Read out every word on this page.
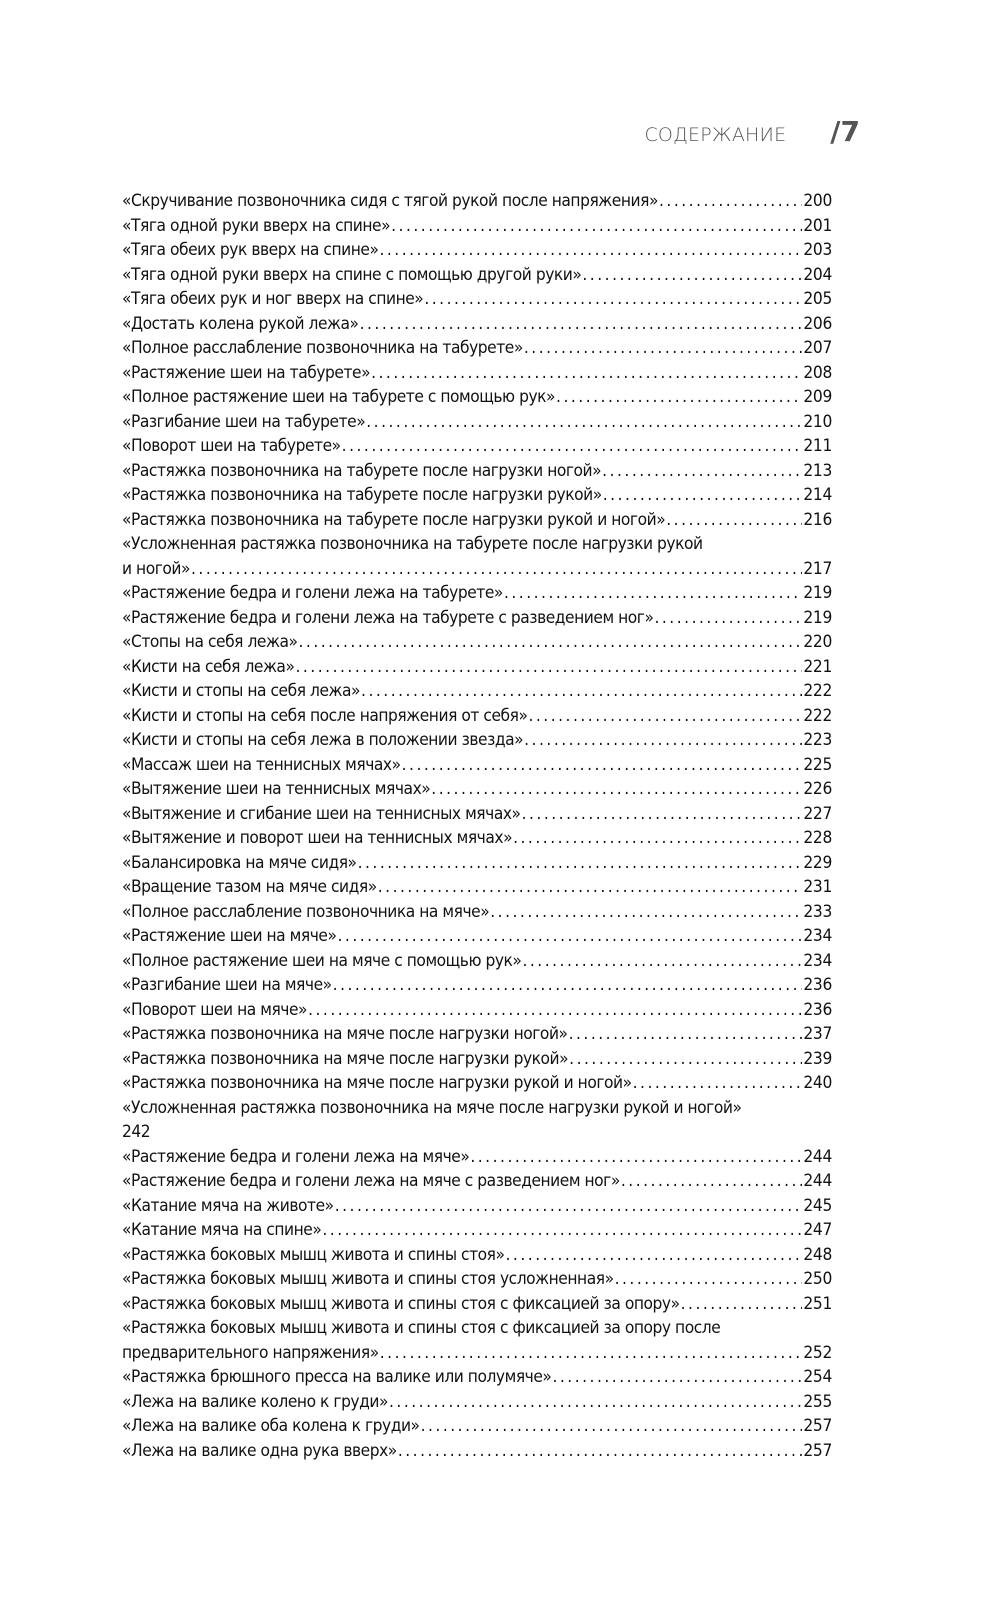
СОДЕРЖАНИЕ /7
«Скручивание позвоночника сидя с тягой рукой после напряжения» . . .	200
«Тяга одной руки вверх на спине» . . .	201
«Тяга обеих рук вверх на спине» . . .	203
«Тяга одной руки вверх на спине с помощью другой руки» . . .	204
«Тяга обеих рук и ног вверх на спине» . . .	205
«Достать колена рукой лежа» . . .	206
«Полное расслабление позвоночника на табурете» . . .	207
«Растяжение шеи на табурете» . . .	208
«Полное растяжение шеи на табурете с помощью рук» . . .	209
«Разгибание шеи на табурете» . . .	210
«Поворот шеи на табурете» . . .	211
«Растяжка позвоночника на табурете после нагрузки ногой» . . .	213
«Растяжка позвоночника на табурете после нагрузки рукой» . . .	214
«Растяжка позвоночника на табурете после нагрузки рукой и ногой» . . .	216
«Усложненная растяжка позвоночника на табурете после нагрузки рукой
и ногой» . . .	217
«Растяжение бедра и голени лежа на табурете» . . .	219
«Растяжение бедра и голени лежа на табурете с разведением ног» . . .	219
«Стопы на себя лежа» . . .	220
«Кисти на себя лежа» . . .	221
«Кисти и стопы на себя лежа» . . .	222
«Кисти и стопы на себя после напряжения от себя» . . .	222
«Кисти и стопы на себя лежа в положении звезда» . . .	223
«Массаж шеи на теннисных мячах» . . .	225
«Вытяжение шеи на теннисных мячах» . . .	226
«Вытяжение и сгибание шеи на теннисных мячах» . . .	227
«Вытяжение и поворот шеи на теннисных мячах» . . .	228
«Балансировка на мяче сидя» . . .	229
«Вращение тазом на мяче сидя» . . .	231
«Полное расслабление позвоночника на мяче» . . .	233
«Растяжение шеи на мяче» . . .	234
«Полное растяжение шеи на мяче с помощью рук» . . .	234
«Разгибание шеи на мяче» . . .	236
«Поворот шеи на мяче» . . .	236
«Растяжка позвоночника на мяче после нагрузки ногой» . . .	237
«Растяжка позвоночника на мяче после нагрузки рукой» . . .	239
«Растяжка позвоночника на мяче после нагрузки рукой и ногой» . . .	240
«Усложненная растяжка позвоночника на мяче после нагрузки рукой и ногой»
242
«Растяжение бедра и голени лежа на мяче» . . .	244
«Растяжение бедра и голени лежа на мяче с разведением ног» . . .	244
«Катание мяча на животе» . . .	245
«Катание мяча на спине» . . .	247
«Растяжка боковых мышц живота и спины стоя» . . .	248
«Растяжка боковых мышц живота и спины стоя усложненная» . . .	250
«Растяжка боковых мышц живота и спины стоя с фиксацией за опору» . . .	251
«Растяжка боковых мышц живота и спины стоя с фиксацией за опору после
предварительного напряжения» . . .	252
«Растяжка брюшного пресса на валике или полумяче» . . .	254
«Лежа на валике колено к груди» . . .	255
«Лежа на валике оба колена к груди» . . .	257
«Лежа на валике одна рука вверх» . . .	257
